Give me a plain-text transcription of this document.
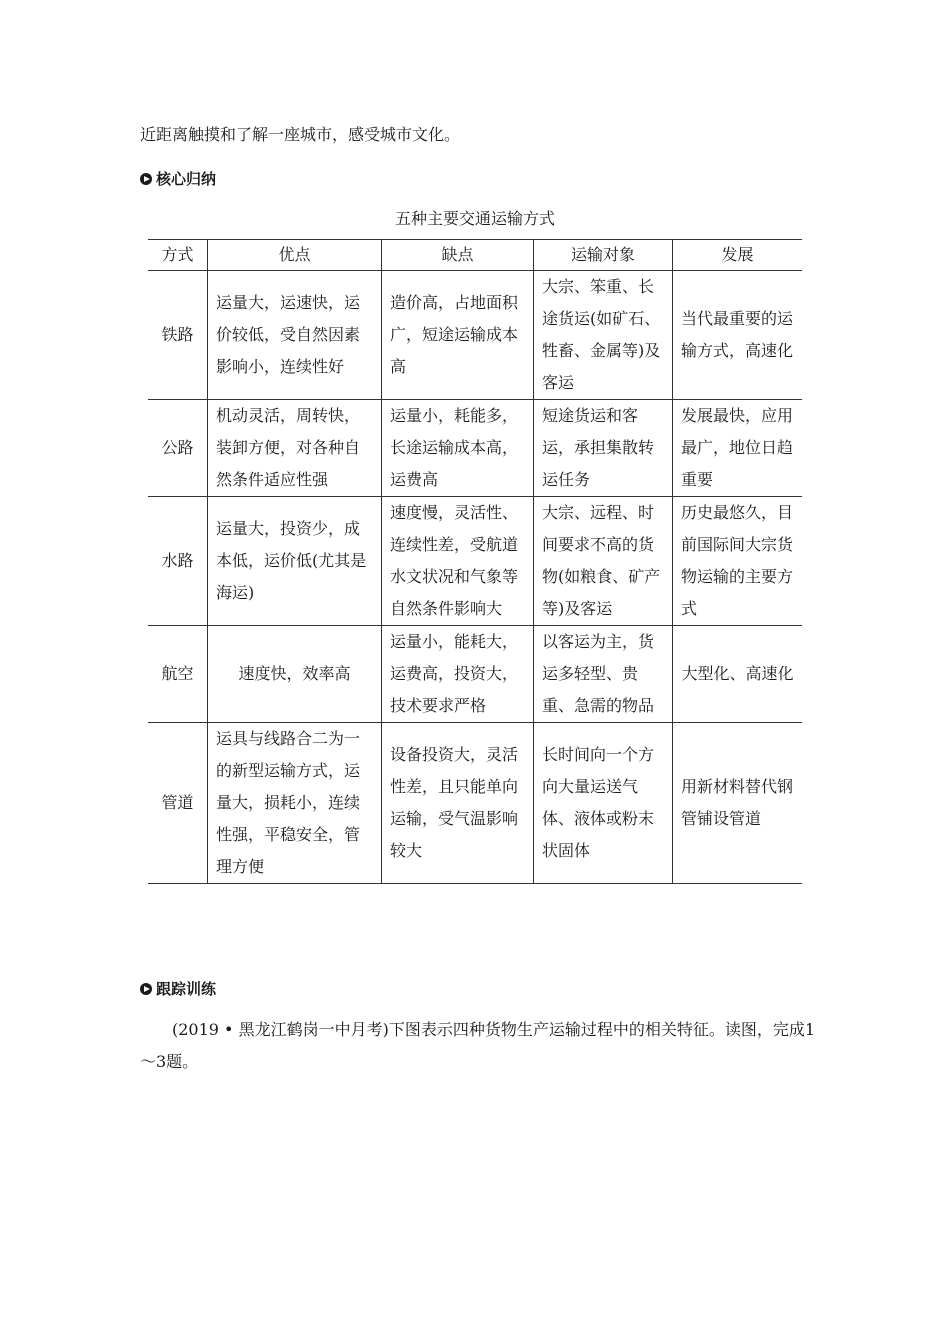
近距离触摸和了解一座城市，感受城市文化。

核心归纳
五种主要交通运输方式
方式	优点	缺点	运输对象	发展
铁路	运量大，运速快，运价较低，受自然因素影响小，连续性好	造价高，占地面积广，短途运输成本高	大宗、笨重、长途货运(如矿石、牲畜、金属等)及客运	当代最重要的运输方式，高速化
公路	机动灵活，周转快，装卸方便，对各种自然条件适应性强	运量小，耗能多，长途运输成本高，运费高	短途货运和客运，承担集散转运任务	发展最快，应用最广，地位日趋重要
水路	运量大，投资少，成本低，运价低(尤其是海运)	速度慢，灵活性、连续性差，受航道水文状况和气象等自然条件影响大	大宗、远程、时间要求不高的货物(如粮食、矿产等)及客运	历史最悠久，目前国际间大宗货物运输的主要方式
航空	速度快，效率高	运量小，能耗大，运费高，投资大，技术要求严格	以客运为主，货运多轻型、贵重、急需的物品	大型化、高速化
管道	运具与线路合二为一的新型运输方式，运量大，损耗小，连续性强，平稳安全，管理方便	设备投资大，灵活性差，且只能单向运输，受气温影响较大	长时间向一个方向大量运送气体、液体或粉末状固体	用新材料替代钢管铺设管道
跟踪训练

(2019 • 黑龙江鹤岗一中月考)下图表示四种货物生产运输过程中的相关特征。读图，完成1～3题。
